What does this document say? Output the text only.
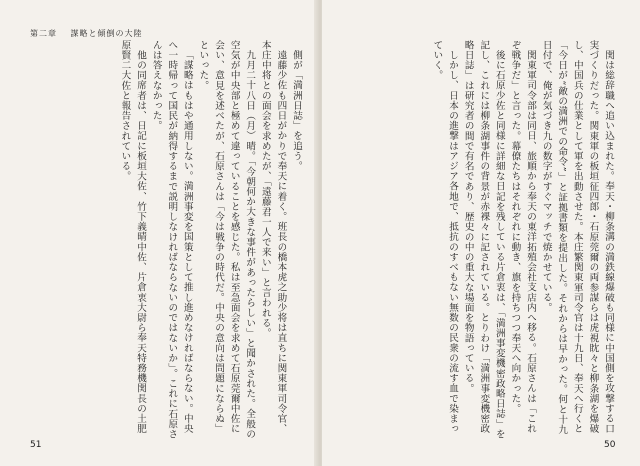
第二章 謀略と傾倒の大陸

側が「満洲日誌」を追う。

遠藤少佐も四日がかりで奉天に着く。班長の橋本虎之助少将は直ちに関東軍司令官、本庄中将との面会を求めたが、「遠藤君一人で来い」と言われる。

九月二十八日（月）晴。「今朝何か大きな事件があったらしい」と聞かされた。全般の空気が中央部と極めて違っていることを感じた。私は至急面会を求めて石原莞爾中佐に会い、意見を述べたが、石原さんは「今は戦争の時代だ。中央の意向は問題にならぬ」といった。

「謀略はもはや通用しない。満洲事変を国策として推し進めなければならない。中央へ一時帰って国民が納得するまで説明しなければならないのではないか」。これに石原さんは答えなかった。

他の同席者は、日記に板垣大佐、竹下義晴中佐、片倉衷大尉ら奉天特務機関長の土肥原賢二大佐と報告されている。

51

関は総辞職へ追い込まれた。奉天・柳条溝の満鉄線爆破も同様に中国側を攻撃する口実づくりだった。関東軍の板垣征四郎・石原莞爾の両参謀らは虎視眈々と柳条湖を爆破し、中国兵の仕業として軍を出動させた。本庄繁関東軍司令官は十九日、奉天へ行くと「今日が“敵の満洲での命令”」と証拠書類を提出した。それからは早かった。何と十九日付で、俺が気づき九の数字がすぐマッチで焼かせている。

関東軍司令部は同日、旅順から奉天の東洋拓殖会社支店内へ移る。石原さんは「これぞ戦争だ」と言った。幕僚たちはそれぞれに動き、旗を持ちつつ奉天へ向かった。

後に石原少佐と同様に詳細な日記を残している片倉衷は、「満洲事変機密政略日誌」を記し、これには柳条湖事件の背景が赤裸々に記されている。とりわけ「満洲事変機密政略日誌」は研究者の間で有名であり、歴史の中の重大な場面を物語っている。

しかし、日本の進撃はアジア各地で、抵抗のすべもない無数の民衆の流す血で染まっていく。

50
